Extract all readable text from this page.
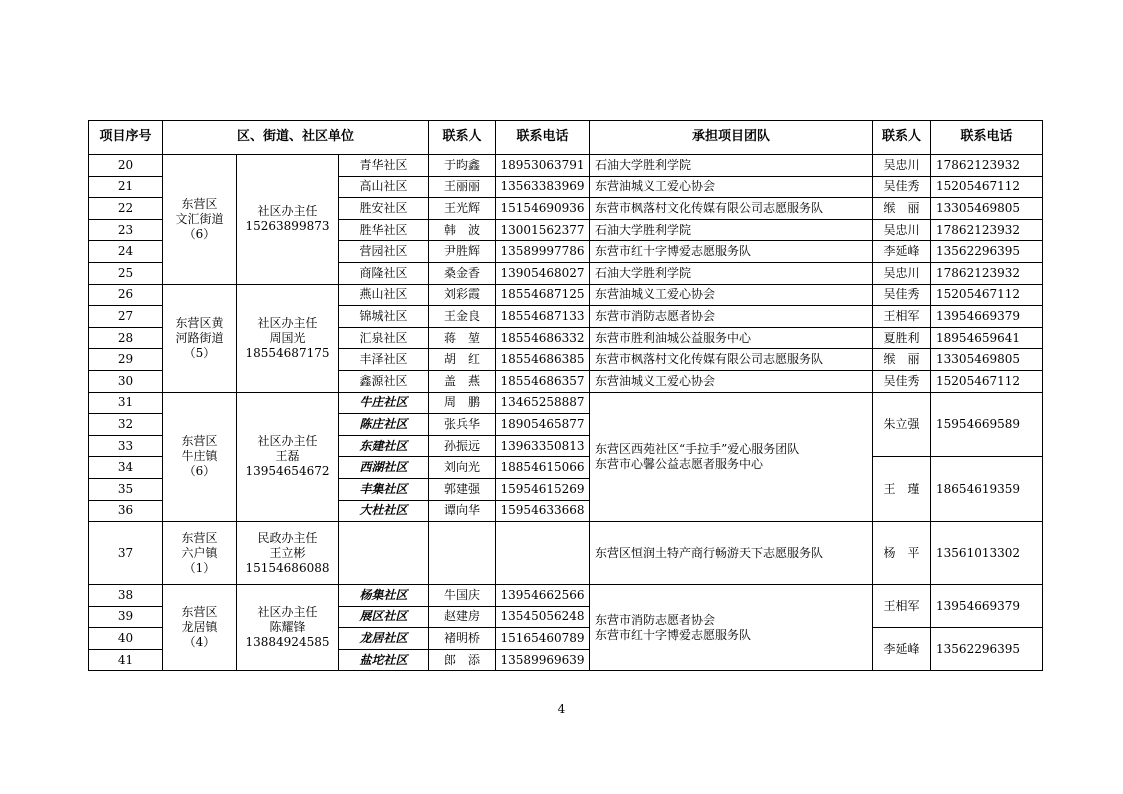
项目序号	区、街道、社区单位			联系人	联系电话	承担项目团队	联系人	联系电话
20	东营区
文汇街道
（6）	社区办主任
15263899873	青华社区	于昀鑫	18953063791	石油大学胜利学院	吴忠川	17862123932
21			高山社区	王丽丽	13563383969	东营油城义工爱心协会	吴佳秀	15205467112
22			胜安社区	王光辉	15154690936	东营市枫落村文化传媒有限公司志愿服务队	缑　丽	13305469805
23			胜华社区	韩　波	13001562377	石油大学胜利学院	吴忠川	17862123932
24			营园社区	尹胜辉	13589997786	东营市红十字博爱志愿服务队	李延峰	13562296395
25			商隆社区	桑金香	13905468027	石油大学胜利学院	吴忠川	17862123932
26	东营区黄
河路街道
（5）	社区办主任
周国光
18554687175	燕山社区	刘彩霞	18554687125	东营油城义工爱心协会	吴佳秀	15205467112
27			锦城社区	王金良	18554687133	东营市消防志愿者协会	王相军	13954669379
28			汇泉社区	蒋　堃	18554686332	东营市胜利油城公益服务中心	夏胜利	18954659641
29			丰泽社区	胡　红	18554686385	东营市枫落村文化传媒有限公司志愿服务队	缑　丽	13305469805
30			鑫源社区	盖　燕	18554686357	东营油城义工爱心协会	吴佳秀	15205467112
31	东营区
牛庄镇
（6）	社区办主任
王磊
13954654672	牛庄社区	周　鹏	13465258887	东营区西苑社区“手拉手”爱心服务团队
东营市心馨公益志愿者服务中心	朱立强	15954669589
32			陈庄社区	张兵华	18905465877			
33			东建社区	孙振远	13963350813			
34			西湖社区	刘向光	18854615066		王　瑾	18654619359
35			丰集社区	郭建强	15954615269			
36			大杜社区	谭向华	15954633668			
37	东营区
六户镇
（1）	民政办主任
王立彬
15154686088				东营区恒润土特产商行畅游天下志愿服务队	杨　平	13561013302
38	东营区
龙居镇
（4）	社区办主任
陈耀锋
13884924585	杨集社区	牛国庆	13954662566	东营市消防志愿者协会
东营市红十字博爱志愿服务队	王相军	13954669379
39			展区社区	赵建房	13545056248			
40			龙居社区	褚明桥	15165460789		李延峰	13562296395
41			盐坨社区	郎　添	13589969639			
4
